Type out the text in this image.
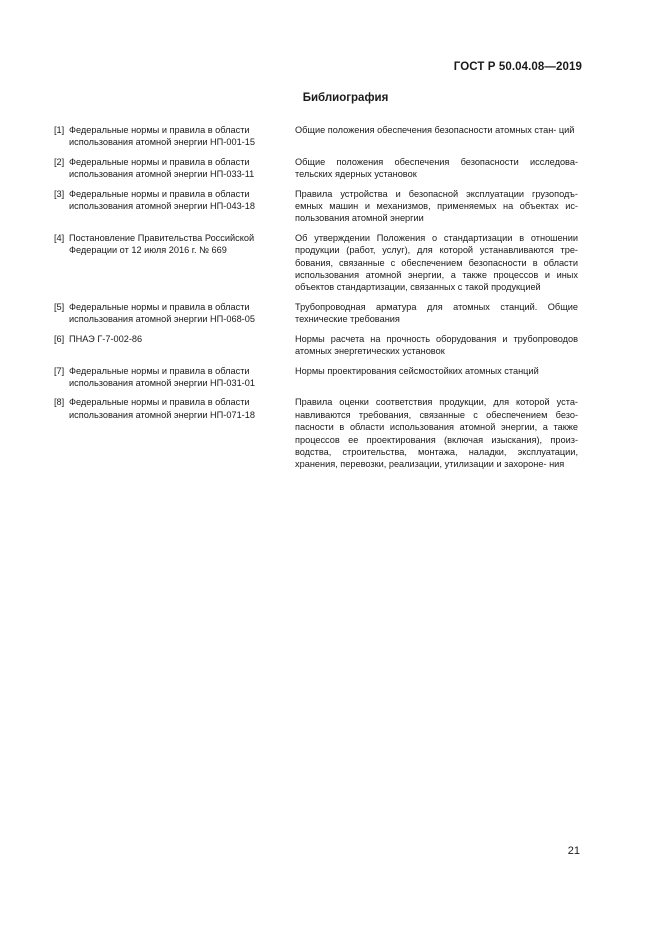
ГОСТ Р 50.04.08—2019
Библиография
[1] Федеральные нормы и правила в области использования атомной энергии НП-001-15
Общие положения обеспечения безопасности атомных стан- ций
[2] Федеральные нормы и правила в области использования атомной энергии НП-033-11
Общие положения обеспечения безопасности исследова- тельских ядерных установок
[3] Федеральные нормы и правила в области использования атомной энергии НП-043-18
Правила устройства и безопасной эксплуатации грузоподъ- емных машин и механизмов, применяемых на объектах ис- пользования атомной энергии
[4] Постановление Правительства Российской Федерации от 12 июля 2016 г. № 669
Об утверждении Положения о стандартизации в отношении продукции (работ, услуг), для которой устанавливаются тре- бования, связанные с обеспечением безопасности в области использования атомной энергии, а также процессов и иных объектов стандартизации, связанных с такой продукцией
[5] Федеральные нормы и правила в области использования атомной энергии НП-068-05
Трубопроводная арматура для атомных станций. Общие технические требования
[6] ПНАЭ Г-7-002-86	Нормы расчета на прочность оборудования и трубопроводов атомных энергетических установок
[7] Федеральные нормы и правила в области использования атомной энергии НП-031-01
Нормы проектирования сейсмостойких атомных станций
[8] Федеральные нормы и правила в области использования атомной энергии НП-071-18
Правила оценки соответствия продукции, для которой уста- навливаются требования, связанные с обеспечением безо- пасности в области использования атомной энергии, а также процессов ее проектирования (включая изыскания), произ- водства, строительства, монтажа, наладки, эксплуатации, хранения, перевозки, реализации, утилизации и захороне- ния
21
